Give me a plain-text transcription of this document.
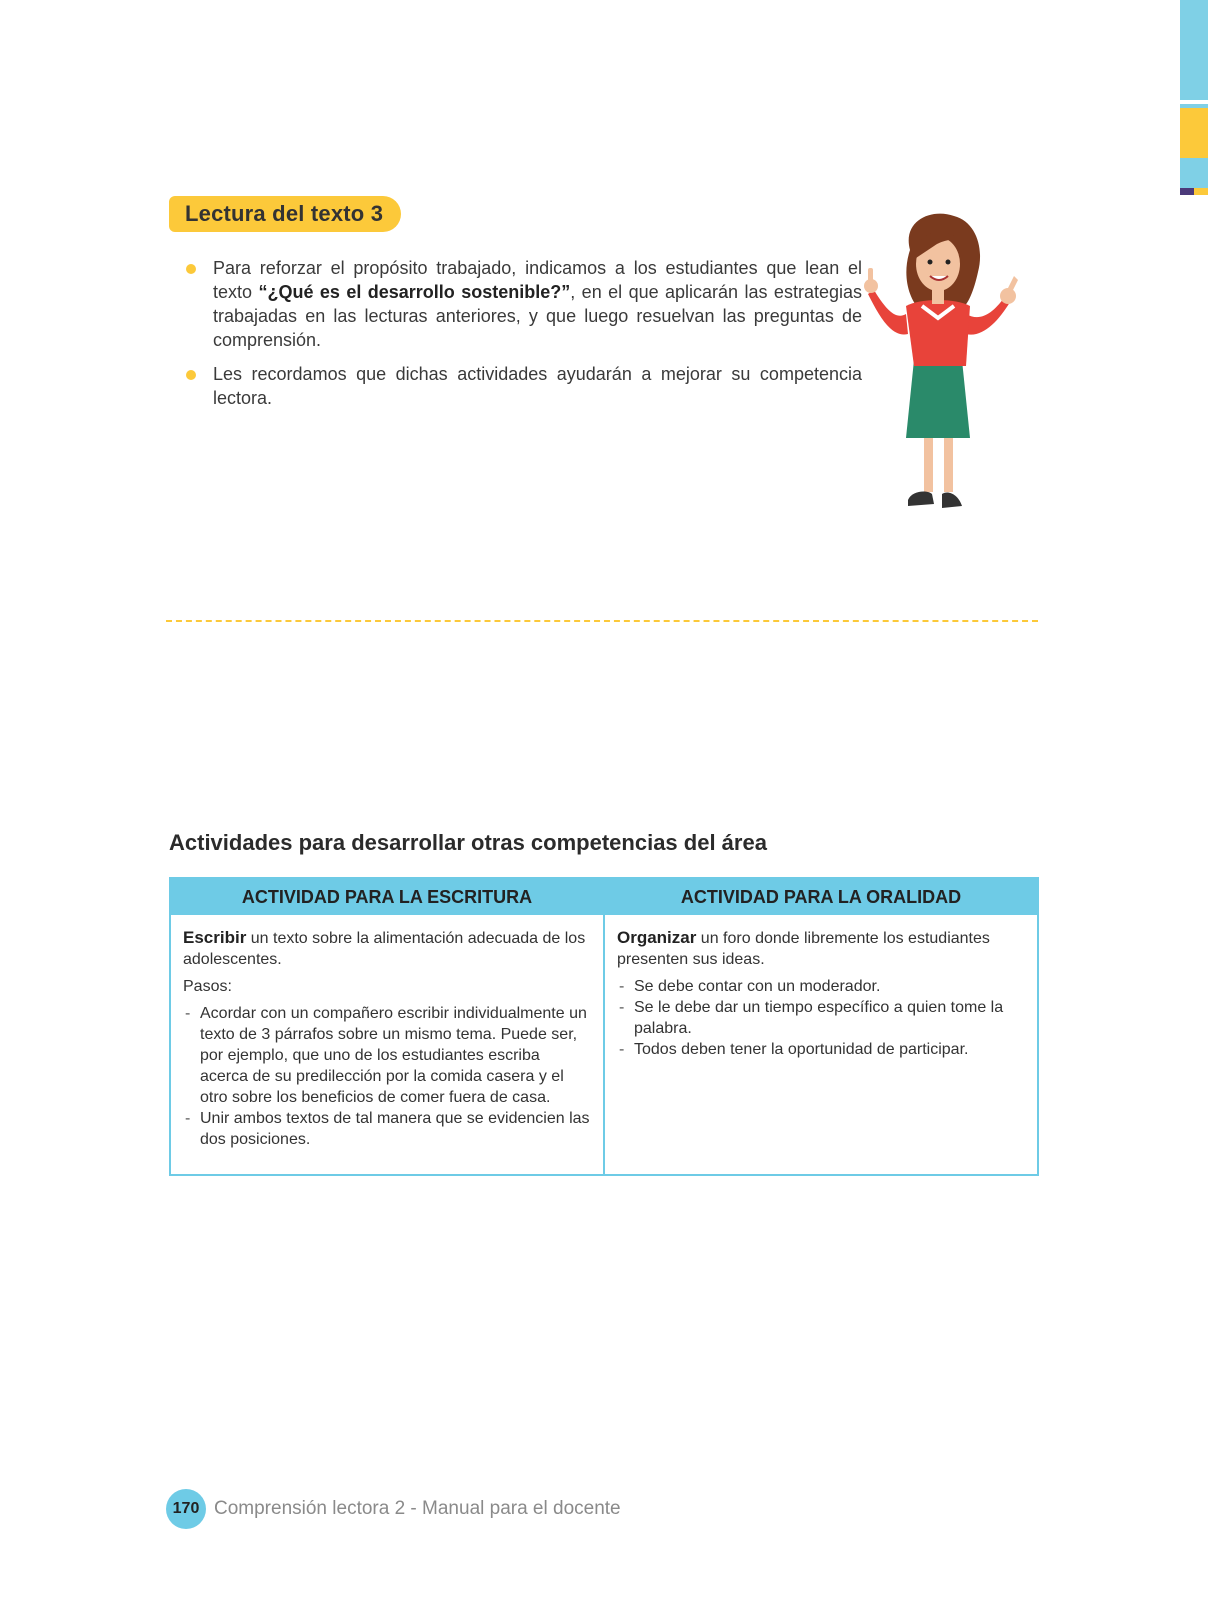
Lectura del texto 3
Para reforzar el propósito trabajado, indicamos a los estudiantes que lean el texto “¿Qué es el desarrollo sostenible?”, en el que aplicarán las estrategias trabajadas en las lecturas anteriores, y que luego resuelvan las preguntas de comprensión.
Les recordamos que dichas actividades ayudarán a mejorar su competencia lectora.
Actividades para desarrollar otras competencias del área
ACTIVIDAD PARA LA ESCRITURA

Escribir un texto sobre la alimentación adecuada de los adolescentes.

Pasos:

- Acordar con un compañero escribir individualmente un texto de 3 párrafos sobre un mismo tema. Puede ser, por ejemplo, que uno de los estudiantes escriba acerca de su predilección por la comida casera y el otro sobre los beneficios de comer fuera de casa.
- Unir ambos textos de tal manera que se evidencien las dos posiciones.
ACTIVIDAD PARA LA ORALIDAD

Organizar un foro donde libremente los estudiantes presenten sus ideas.

- Se debe contar con un moderador.
- Se le debe dar un tiempo específico a quien tome la palabra.
- Todos deben tener la oportunidad de participar.
170 Comprensión lectora 2 - Manual para el docente
